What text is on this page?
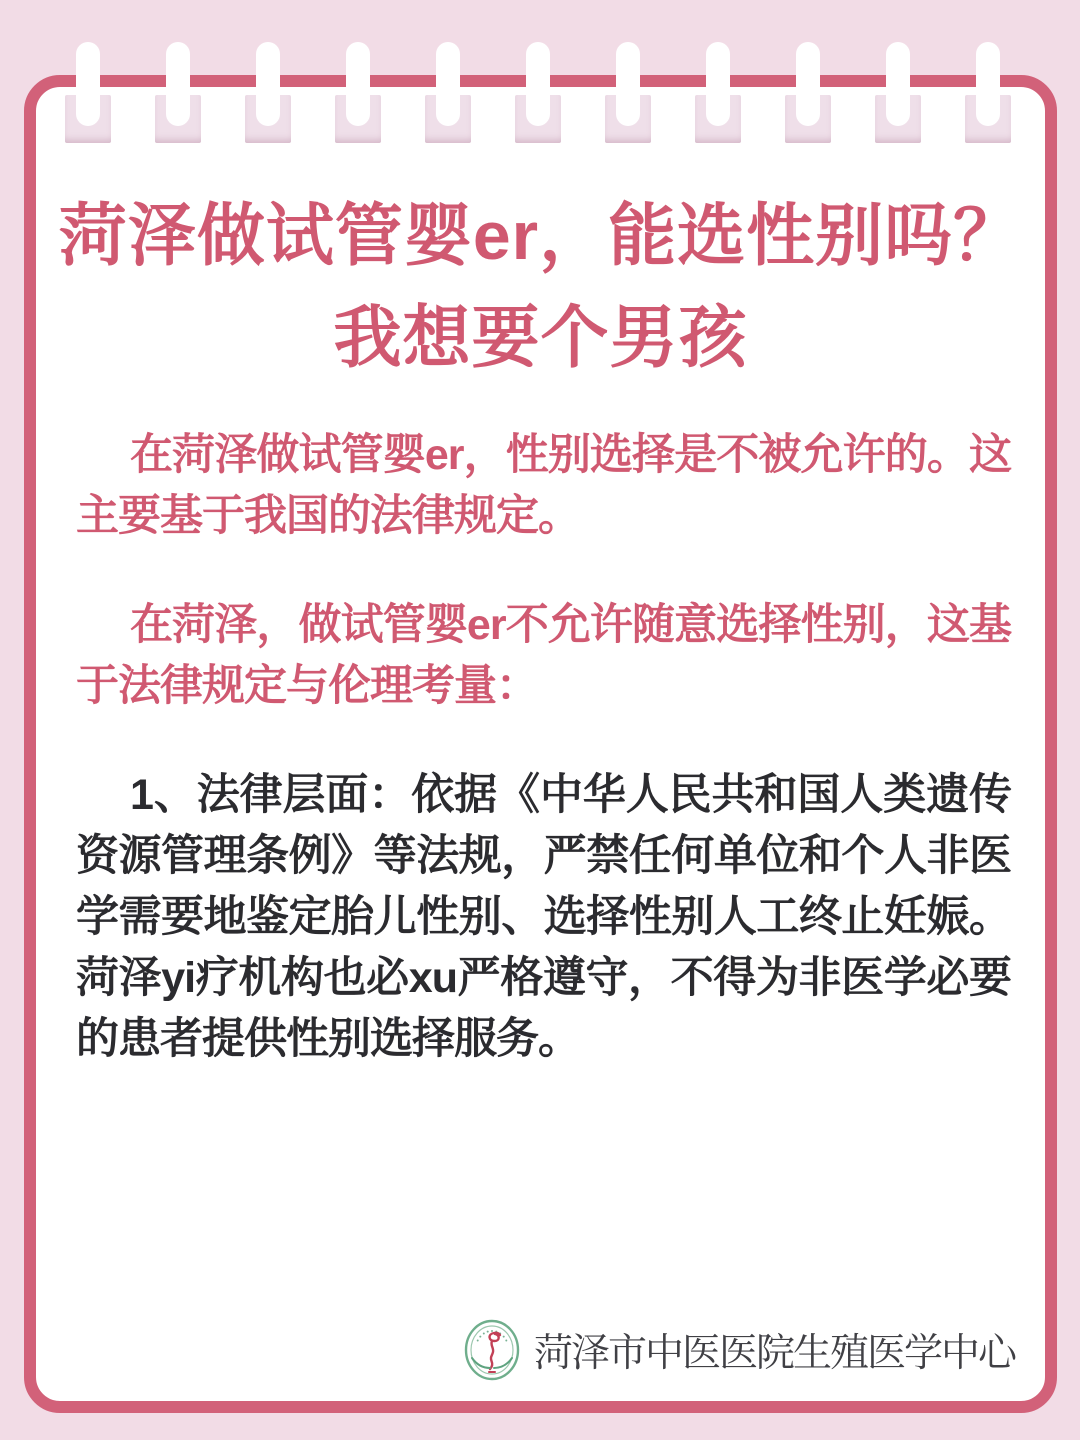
菏泽做试管婴er，能选性别吗？
我想要个男孩

在菏泽做试管婴er，性别选择是不被允许的。这主要基于我国的法律规定。

在菏泽，做试管婴er不允许随意选择性别，这基于法律规定与伦理考量：

1、法律层面：依据《中华人民共和国人类遗传资源管理条例》等法规，严禁任何单位和个人非医学需要地鉴定胎儿性别、选择性别人工终止妊娠。菏泽yi疗机构也必xu严格遵守，不得为非医学必要的患者提供性别选择服务。

菏泽市中医医院生殖医学中心
